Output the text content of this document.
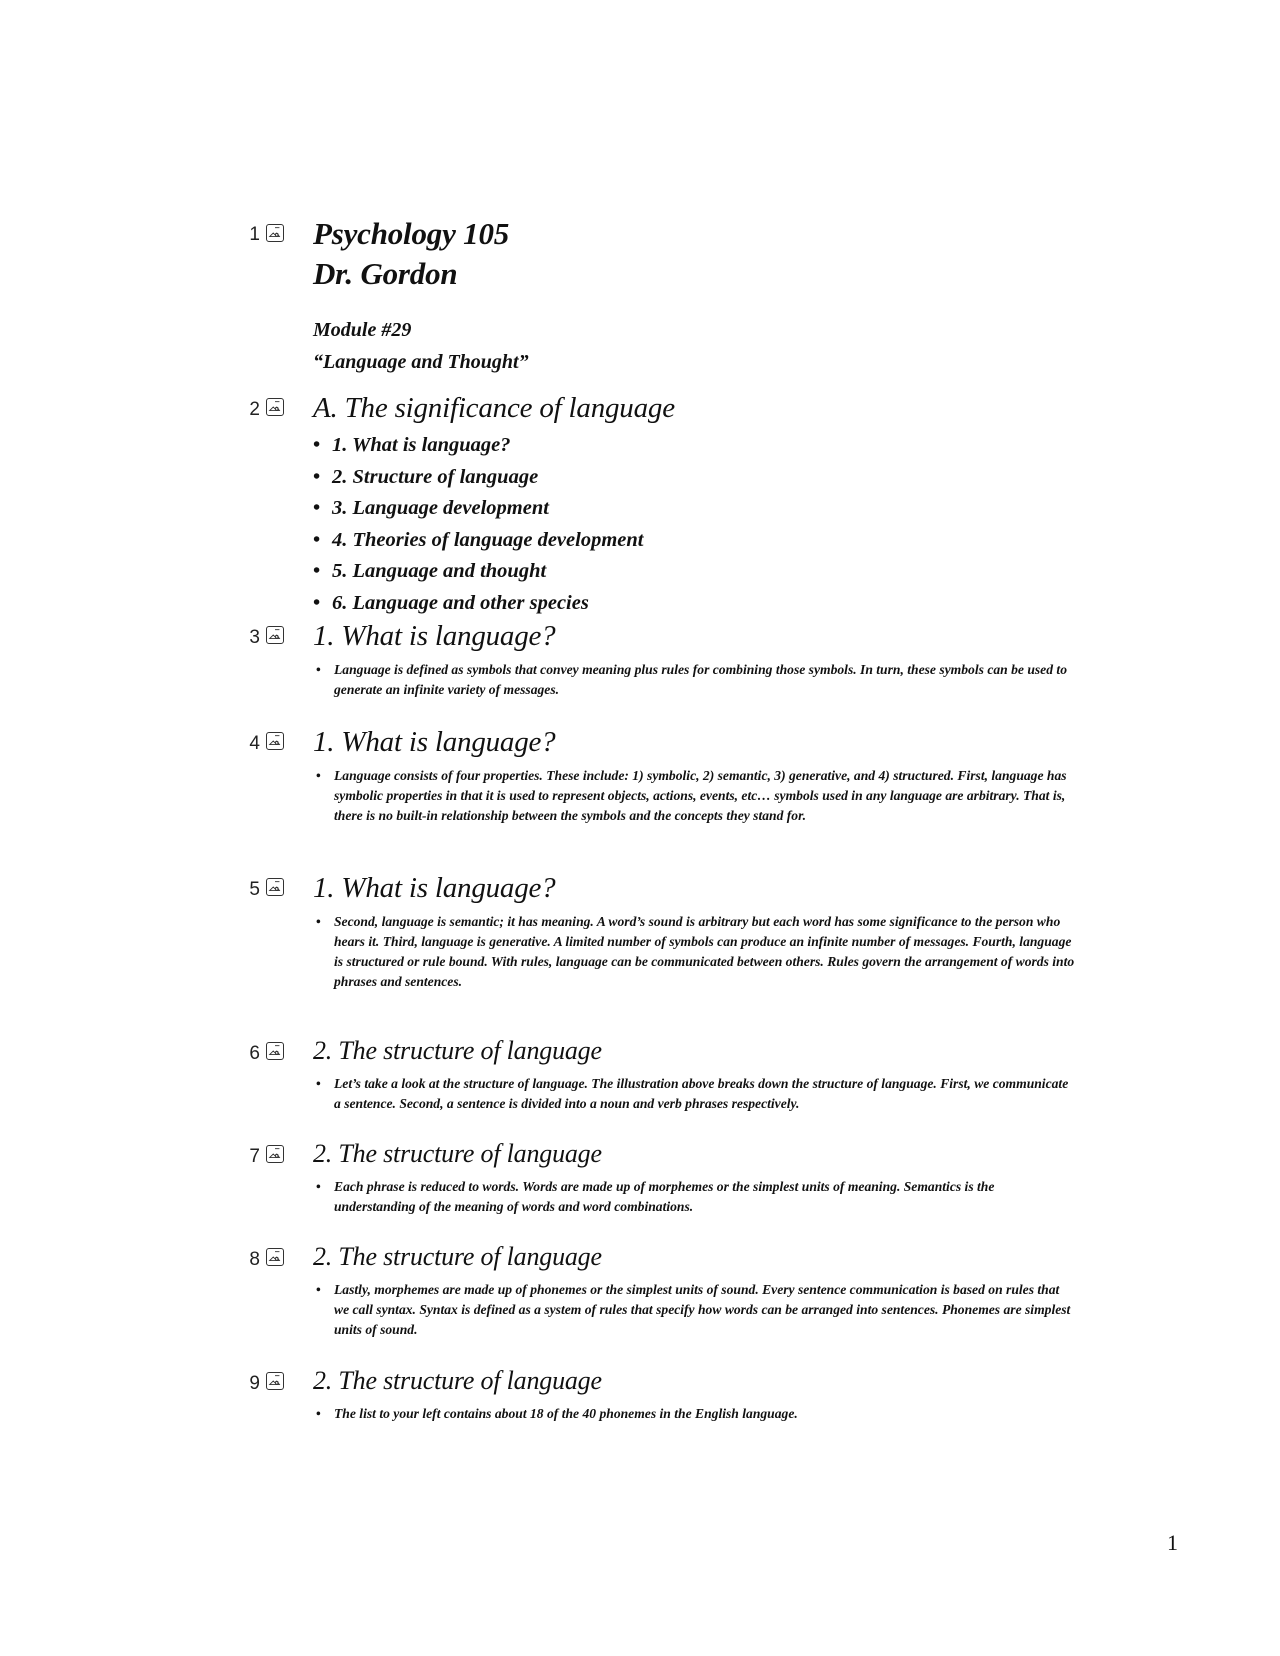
1 Psychology 105
Dr. Gordon
Module #29
“Language and Thought”
2 A. The significance of language
• 1. What is language?
• 2. Structure of language
• 3. Language development
• 4. Theories of language development
• 5. Language and thought
• 6. Language and other species
3 1. What is language?

• Language is defined as symbols that convey meaning plus rules for combining those symbols. In turn, these symbols can be used to generate an infinite variety of messages.

4 1. What is language?

• Language consists of four properties. These include: 1) symbolic, 2) semantic, 3) generative, and 4) structured. First, language has symbolic properties in that it is used to represent objects, actions, events, etc… symbols used in any language are arbitrary. That is, there is no built-in relationship between the symbols and the concepts they stand for.

5 1. What is language?

• Second, language is semantic; it has meaning. A word’s sound is arbitrary but each word has some significance to the person who hears it. Third, language is generative. A limited number of symbols can produce an infinite number of messages. Fourth, language is structured or rule bound. With rules, language can be communicated between others. Rules govern the arrangement of words into phrases and sentences.

6 2. The structure of language

• Let’s take a look at the structure of language. The illustration above breaks down the structure of language. First, we communicate a sentence. Second, a sentence is divided into a noun and verb phrases respectively.

7 2. The structure of language

• Each phrase is reduced to words. Words are made up of morphemes or the simplest units of meaning. Semantics is the understanding of the meaning of words and word combinations.

8 2. The structure of language

• Lastly, morphemes are made up of phonemes or the simplest units of sound. Every sentence communication is based on rules that we call syntax. Syntax is defined as a system of rules that specify how words can be arranged into sentences. Phonemes are simplest units of sound.

9 2. The structure of language

• The list to your left contains about 18 of the 40 phonemes in the English language.

1
